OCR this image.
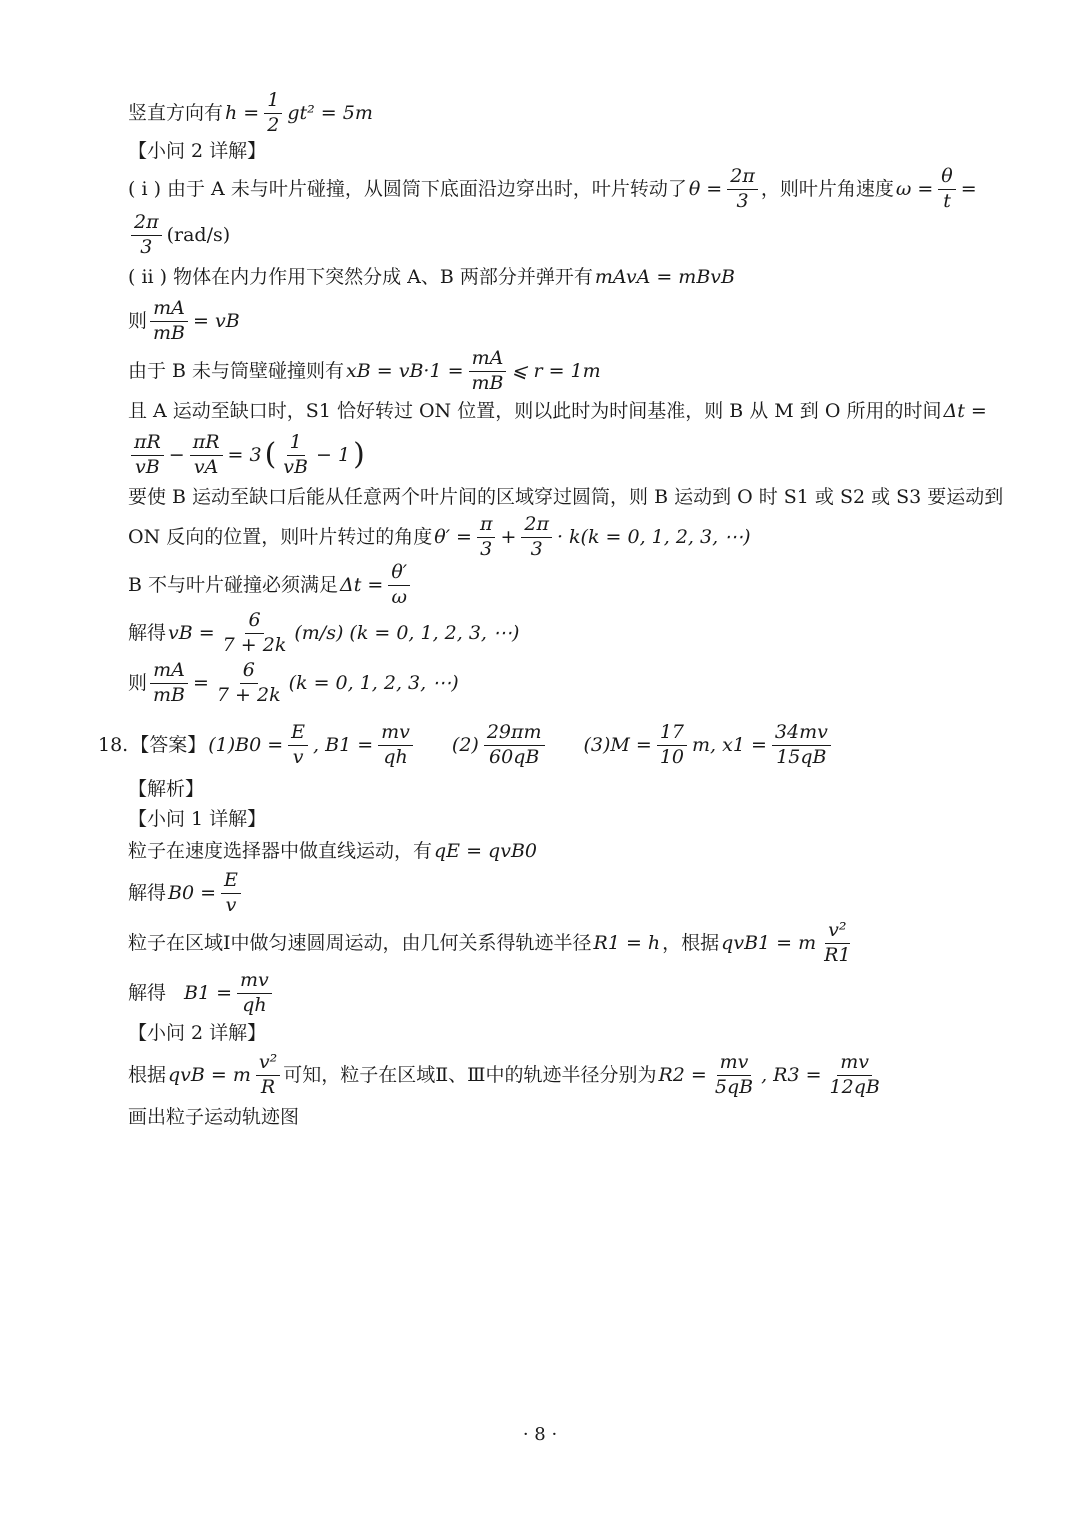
竖直方向有 $h = \frac{1}{2} gt^2 = 5m$
【小问 2 详解】
( i ) 由于 A 未与叶片碰撞，从圆筒下底面沿边穿出时，叶片转动了 $\theta = \frac{2\pi}{3}$ ，则叶片角速度 $\omega = \frac{\theta}{t}$ =
$\frac{2\pi}{3} (rad/s)$
( ii ) 物体在内力作用下突然分成 A、B 两部分并弹开有 mAvA = mBvB
则 $\frac{mA}{mB}$ = vB
由于 B 未与筒壁碰撞则有 xB = $vB\cdot 1 = \frac{mA}{mB}$ ⩽ r = 1m
且 A 运动至缺口时，S1 恰好转过 ON 位置，则以此时为时间基准，则 B 从 M 到 O 所用的时间 Δt =
$\frac{\pi R}{vB} - \frac{\pi R}{vA} = 3$ ( $\frac{1}{vB} - 1$ )
要使 B 运动至缺口后能从任意两个叶片间的区域穿过圆筒，则 B 运动到 O 时 S1 或 S2 或 S3 要运动到
ON 反向的位置，则叶片转过的角度 $\theta' = \frac{\pi}{3} + \frac{2\pi}{3} \cdot k(k = 0$, 1, 2, 3, ⋯)
B 不与叶片碰撞必须满足 $\Delta t = \frac{\theta'}{\omega}$
解得 vB = $\frac{6}{7 + 2k} (m/s) (k = 0$, 1, 2, 3, ⋯)
则 $\frac{mA}{mB} = \frac{6}{7 + 2k} (k = 0$, 1, 2, 3, ⋯)
18. 【答案】 $(1)B0 = \frac{E}{v}$ , $B1 = \frac{mv}{qh} (2) \frac{29\pi m}{60qB} (3)M = \frac{17}{10} m$, $x1 = \frac{34mv}{15qB}$
【解析】
【小问 1 详解】
粒子在速度选择器中做直线运动，有 qE = qvB0
解得 $B0 = \frac{E}{v}$
粒子在区域Ⅰ中做匀速圆周运动，由几何关系得轨迹半径 R1 = h ，根据 qvB1 = m $\frac{\text{v²}}{R1}$
解得 $B1 = \frac{mv}{qh}$
【小问 2 详解】
根据 qvB = m $\frac{\text{v²}}{R}$ 可知，粒子在区域Ⅱ、Ⅲ中的轨迹半径分别为 $R2 = \frac{mv}{5qB}$ , $R3 = \frac{mv}{12qB}$
画出粒子运动轨迹图
· 8 ·
